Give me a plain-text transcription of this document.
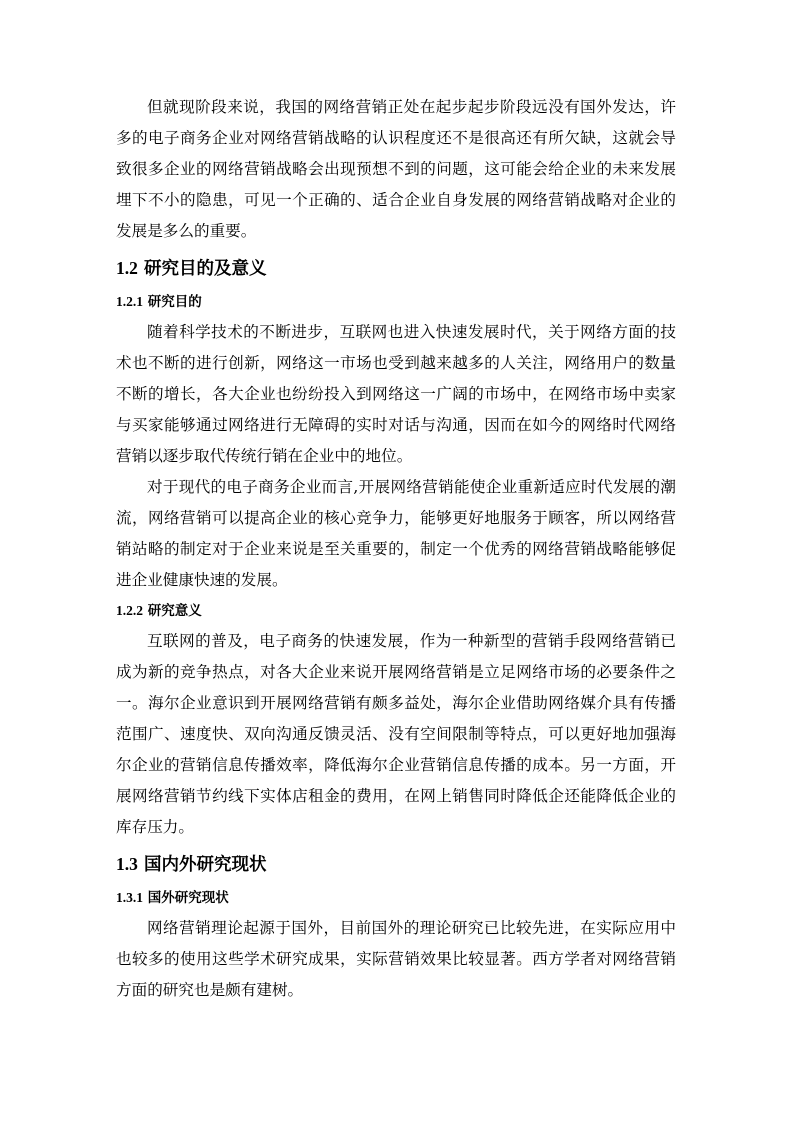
但就现阶段来说，我国的网络营销正处在起步起步阶段远没有国外发达，许多的电子商务企业对网络营销战略的认识程度还不是很高还有所欠缺，这就会导致很多企业的网络营销战略会出现预想不到的问题，这可能会给企业的未来发展埋下不小的隐患，可见一个正确的、适合企业自身发展的网络营销战略对企业的发展是多么的重要。

1.2 研究目的及意义
1.2.1 研究目的

随着科学技术的不断进步，互联网也进入快速发展时代，关于网络方面的技术也不断的进行创新，网络这一市场也受到越来越多的人关注，网络用户的数量不断的增长，各大企业也纷纷投入到网络这一广阔的市场中，在网络市场中卖家与买家能够通过网络进行无障碍的实时对话与沟通，因而在如今的网络时代网络营销以逐步取代传统行销在企业中的地位。

对于现代的电子商务企业而言,开展网络营销能使企业重新适应时代发展的潮流，网络营销可以提高企业的核心竞争力，能够更好地服务于顾客，所以网络营销站略的制定对于企业来说是至关重要的，制定一个优秀的网络营销战略能够促进企业健康快速的发展。

1.2.2 研究意义

互联网的普及，电子商务的快速发展，作为一种新型的营销手段网络营销已成为新的竞争热点，对各大企业来说开展网络营销是立足网络市场的必要条件之一。海尔企业意识到开展网络营销有颇多益处，海尔企业借助网络媒介具有传播范围广、速度快、双向沟通反馈灵活、没有空间限制等特点，可以更好地加强海尔企业的营销信息传播效率，降低海尔企业营销信息传播的成本。另一方面，开展网络营销节约线下实体店租金的费用，在网上销售同时降低企还能降低企业的库存压力。

1.3 国内外研究现状
1.3.1 国外研究现状

网络营销理论起源于国外，目前国外的理论研究已比较先进，在实际应用中也较多的使用这些学术研究成果，实际营销效果比较显著。西方学者对网络营销方面的研究也是颇有建树。
